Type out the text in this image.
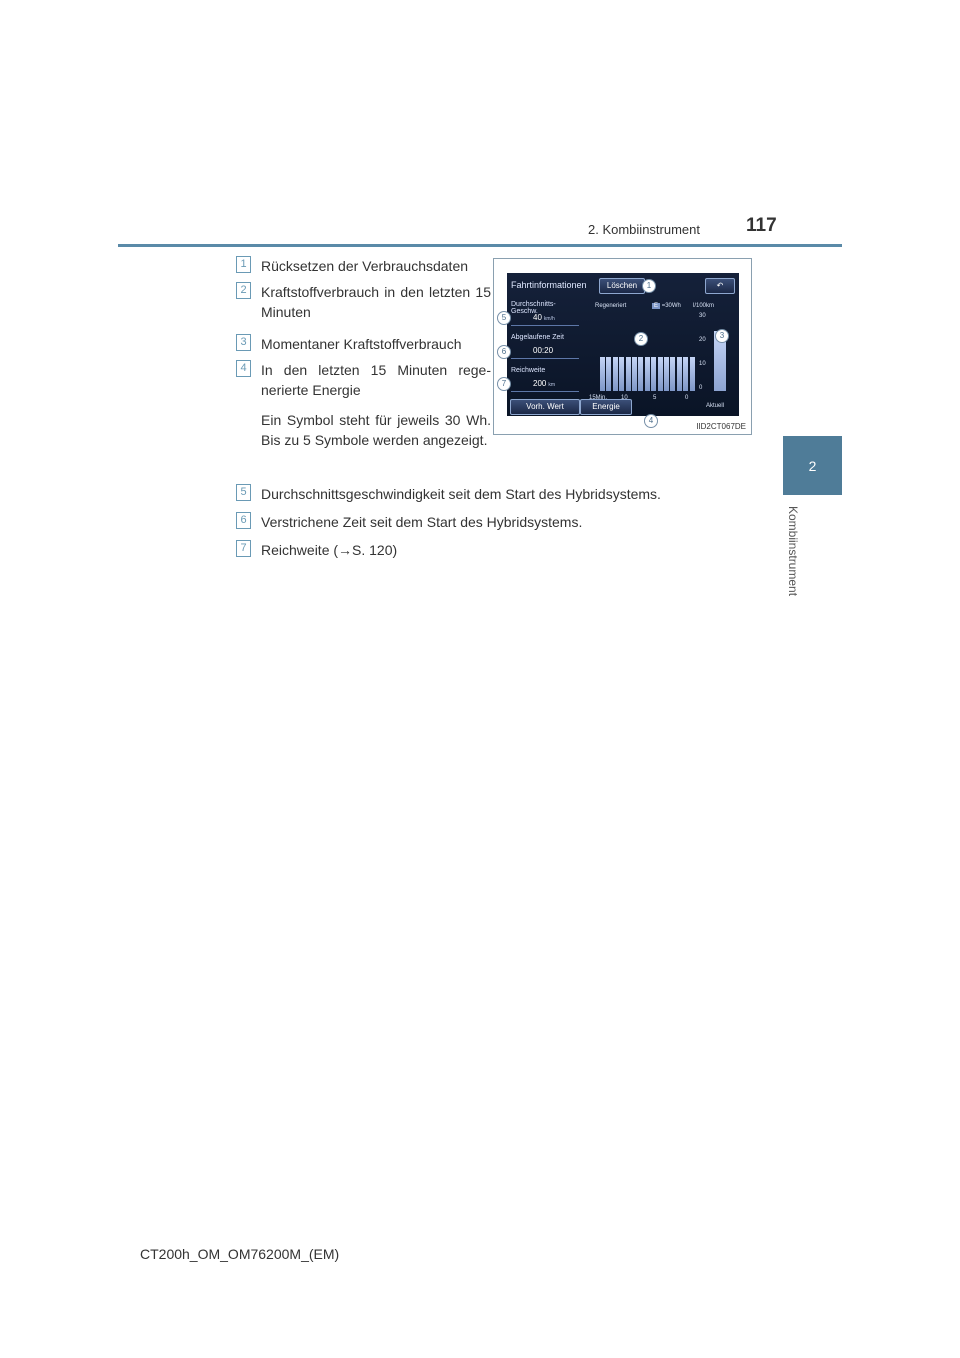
2. Kombiinstrument 117
2
Kombiinstrument
1	Rücksetzen der Verbrauchsdaten
2	Kraftstoffverbrauch in den letzten 15 Minuten
3	Momentaner Kraftstoffverbrauch
4	In den letzten 15 Minuten rege-nerierte Energie
Ein Symbol steht für jeweils 30 Wh. Bis zu 5 Symbole werden angezeigt.
5	Durchschnittsgeschwindigkeit seit dem Start des Hybridsystems.
6	Verstrichene Zeit seit dem Start des Hybridsystems.
7	Reichweite (→S. 120)
Fahrtinformationen	Löschen	↶
Durchschnitts-Geschw.
40 km/h
Abgelaufene Zeit
00:20
Reichweite
200 km
Regeneriert	E =30Wh l/100km
Aktuell
Vorh. Wert	Energie
30
20
10
0
15Min. 10	5	0
IID2CT067DE
1
2	3
4
5
6
7
CT200h_OM_OM76200M_(EM)
